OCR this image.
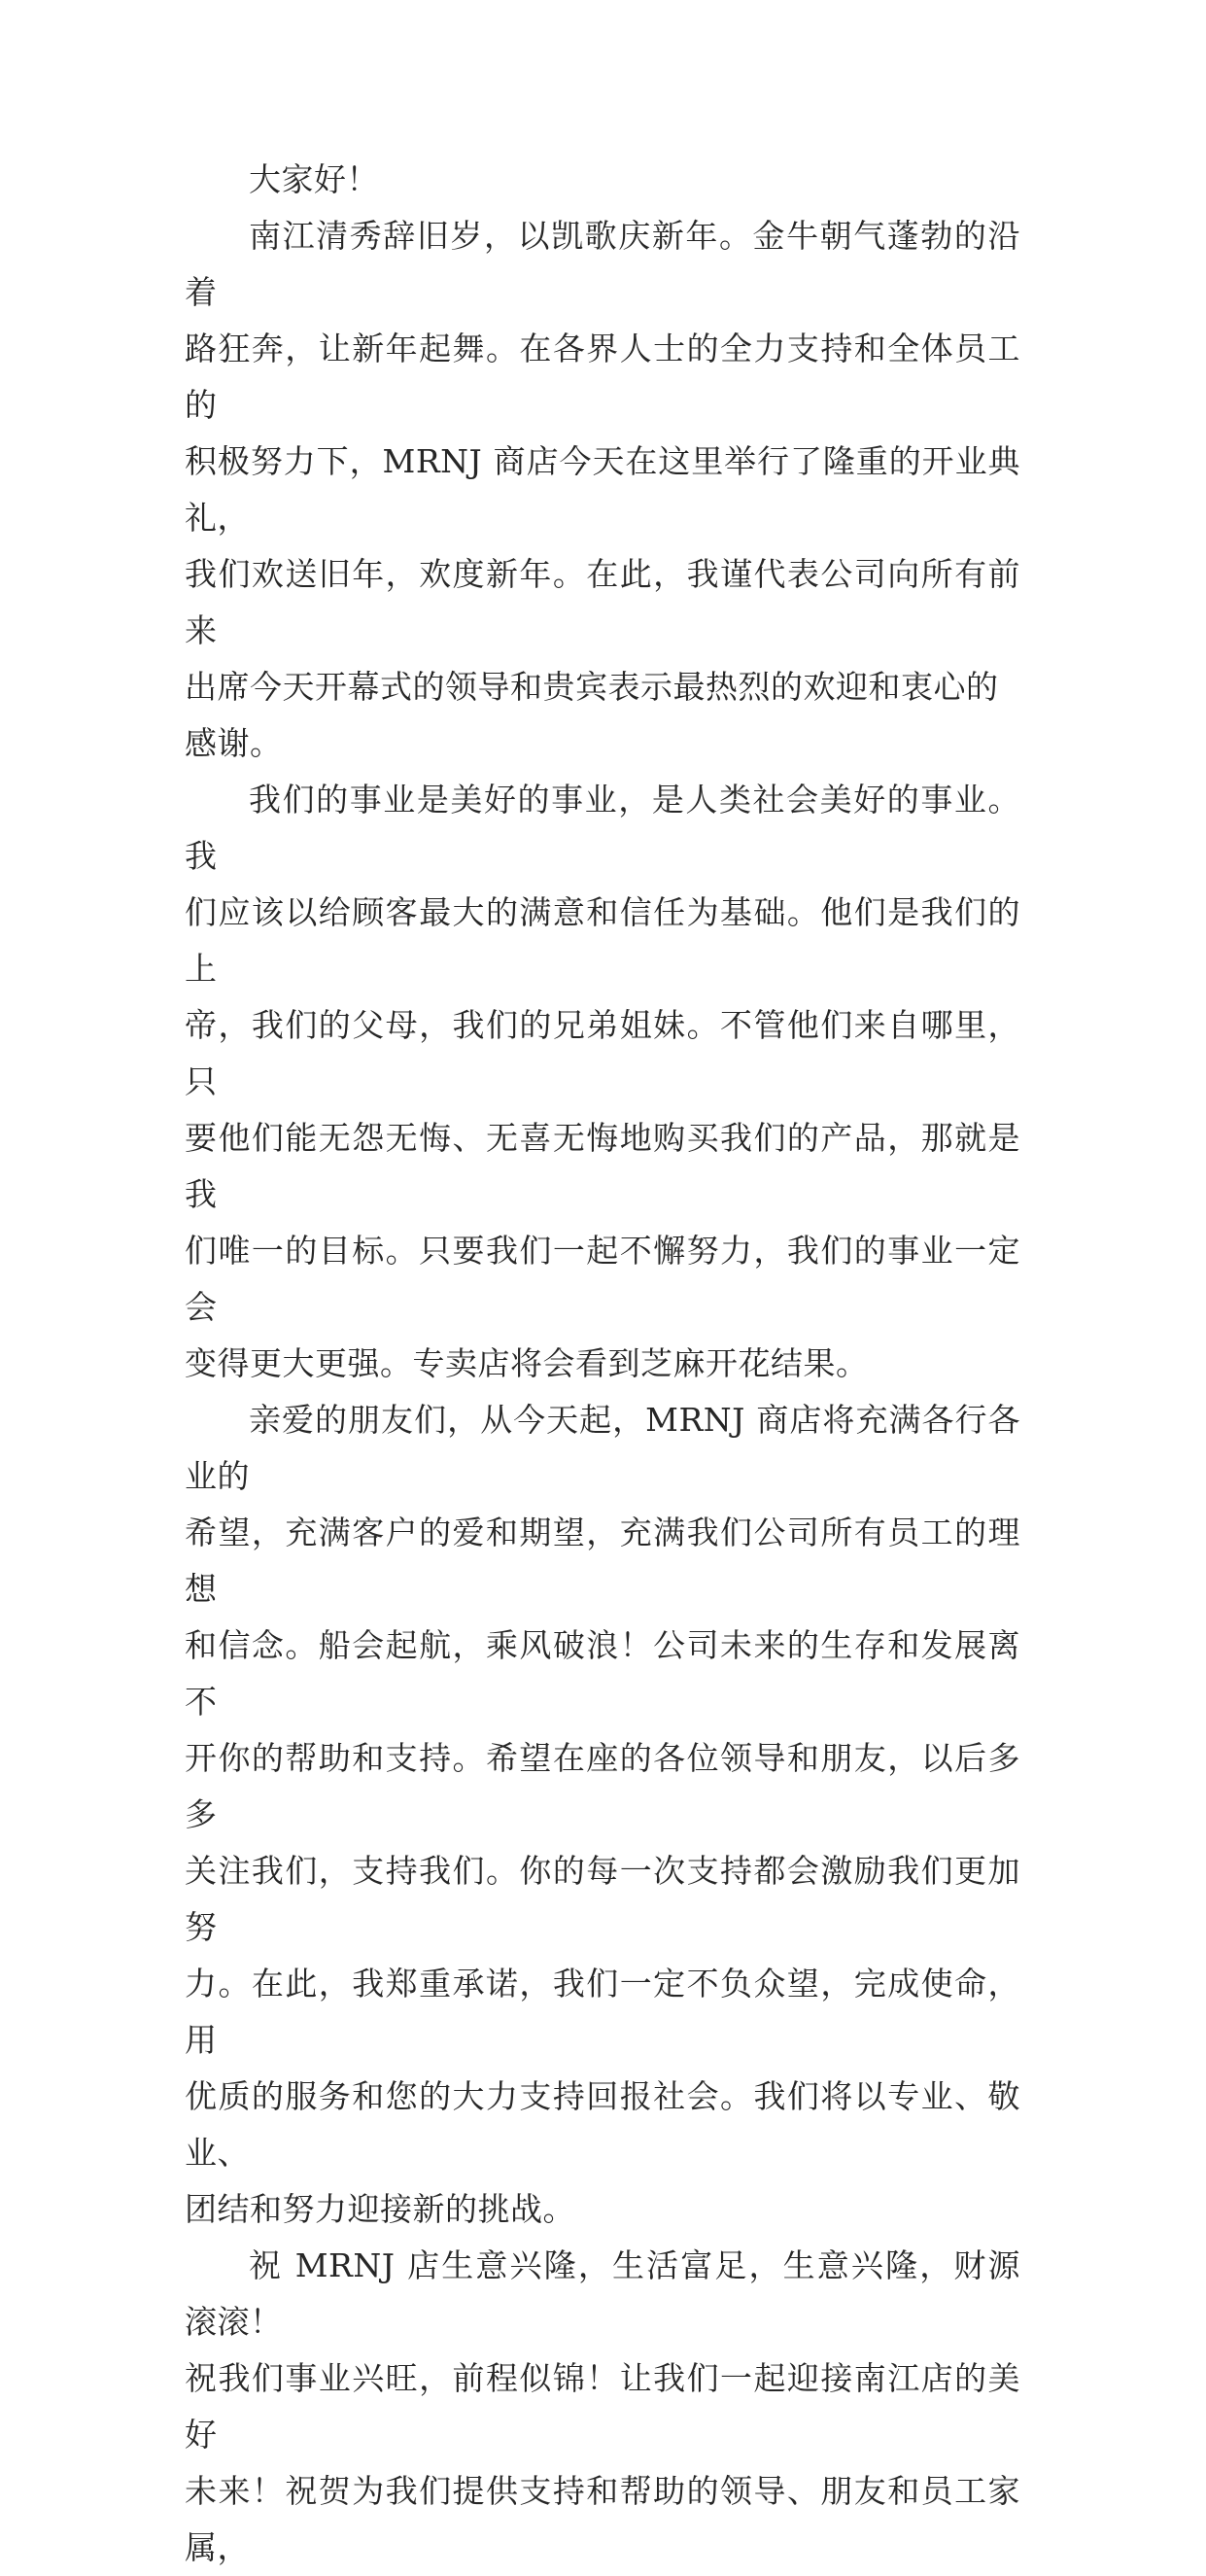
大家好！

南江清秀辞旧岁，以凯歌庆新年。金牛朝气蓬勃的沿着
路狂奔，让新年起舞。在各界人士的全力支持和全体员工的
积极努力下，MRNJ 商店今天在这里举行了隆重的开业典礼，
我们欢送旧年，欢度新年。在此，我谨代表公司向所有前来
出席今天开幕式的领导和贵宾表示最热烈的欢迎和衷心的
感谢。

我们的事业是美好的事业，是人类社会美好的事业。我
们应该以给顾客最大的满意和信任为基础。他们是我们的上
帝，我们的父母，我们的兄弟姐妹。不管他们来自哪里，只
要他们能无怨无悔、无喜无悔地购买我们的产品，那就是我
们唯一的目标。只要我们一起不懈努力，我们的事业一定会
变得更大更强。专卖店将会看到芝麻开花结果。

亲爱的朋友们，从今天起，MRNJ 商店将充满各行各业的
希望，充满客户的爱和期望，充满我们公司所有员工的理想
和信念。船会起航，乘风破浪！公司未来的生存和发展离不
开你的帮助和支持。希望在座的各位领导和朋友，以后多多
关注我们，支持我们。你的每一次支持都会激励我们更加努
力。在此，我郑重承诺，我们一定不负众望，完成使命，用
优质的服务和您的大力支持回报社会。我们将以专业、敬业、
团结和努力迎接新的挑战。

祝 MRNJ 店生意兴隆，生活富足，生意兴隆，财源滚滚！
祝我们事业兴旺，前程似锦！让我们一起迎接南江店的美好
未来！祝贺为我们提供支持和帮助的领导、朋友和员工家属，
